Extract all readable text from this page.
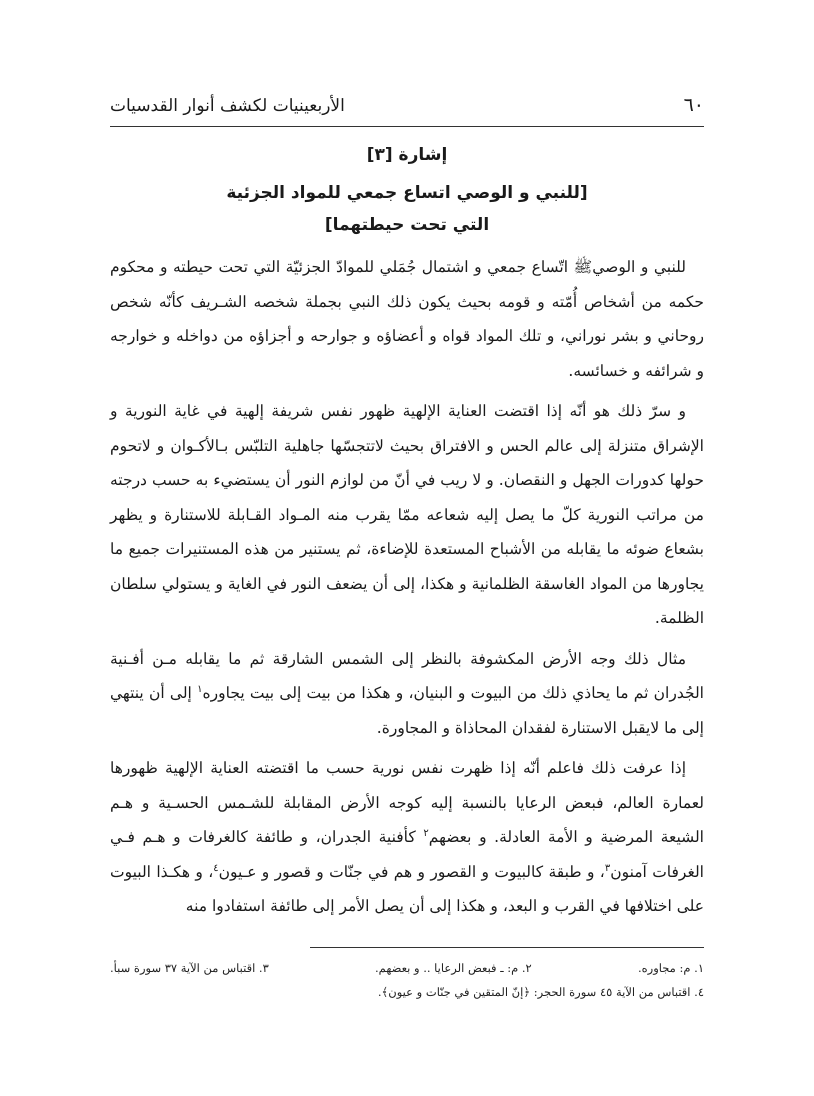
٦٠
الأربعينيات لكشف أنوار القدسيات
إشارة [٣]
[للنبي و الوصي اتساع جمعي للمواد الجزئية
التي تحت حيطتهما]

للنبي و الوصيﷺ اتّساع جمعي و اشتمال جُمَلي للموادّ الجزئيّة التي تحت حيطته و محكوم حكمه من أشخاص أُمّته و قومه بحيث يكون ذلك النبي بجملة شخصه الشـريف كأنّه شخص روحاني و بشر نوراني، و تلك المواد قواه و أعضاؤه و جوارحه و أجزاؤه من دواخله و خوارجه و شرائفه و خسائسه.

و سرّ ذلك هو أنّه إذا اقتضت العناية الإلهية ظهور نفس شريفة إلهية في غاية النورية و الإشراق متنزلة إلى عالم الحس و الافتراق بحيث لاتتجسّها جاهلية التلبّس بـالأكـوان و لاتحوم حولها كدورات الجهل و النقصان. و لا ريب في أنّ من لوازم النور أن يستضيء به حسب درجته من مراتب النورية كلّ ما يصل إليه شعاعه ممّا يقرب منه المـواد القـابلة للاستنارة و يظهر بشعاع ضوئه ما يقابله من الأشباح المستعدة للإضاءة، ثم يستنير من هذه المستنيرات جميع ما يجاورها من المواد الغاسقة الظلمانية و هكذا، إلى أن يضعف النور في الغاية و يستولي سلطان الظلمة.

مثال ذلك وجه الأرض المكشوفة بالنظر إلى الشمس الشارقة ثم ما يقابله مـن أفـنية الجُدران ثم ما يحاذي ذلك من البيوت و البنيان، و هكذا من بيت إلى بيت يجاوره$^١$ إلى أن ينتهي إلى ما لايقبل الاستنارة لفقدان المحاذاة و المجاورة.

إذا عرفت ذلك فاعلم أنّه إذا ظهرت نفس نورية حسب ما اقتضته العناية الإلهية ظهورها لعمارة العالم، فبعض الرعايا بالنسبة إليه كوجه الأرض المقابلة للشـمس الحسـية و هـم الشيعة المرضية و الأمة العادلة. و بعضهم$^٢$ كأفنية الجدران، و طائفة كالغرفات و هـم فـي الغرفات آمنون$^٣$، و طبقة كالبيوت و القصور و هم في جنّات و قصور و عـيون$^٤$، و هكـذا البيوت على اختلافها في القرب و البعد، و هكذا إلى أن يصل الأمر إلى طائفة استفادوا منه

١. م: مجاوره.
٢. م: ـ فبعض الرعايا .. و بعضهم.
٣. اقتباس من الآية ٣٧ سورة سبأ.
٤. اقتباس من الآية ٤٥ سورة الحجر: ﴿إنّ المتقين في جنّات و عيون﴾.
